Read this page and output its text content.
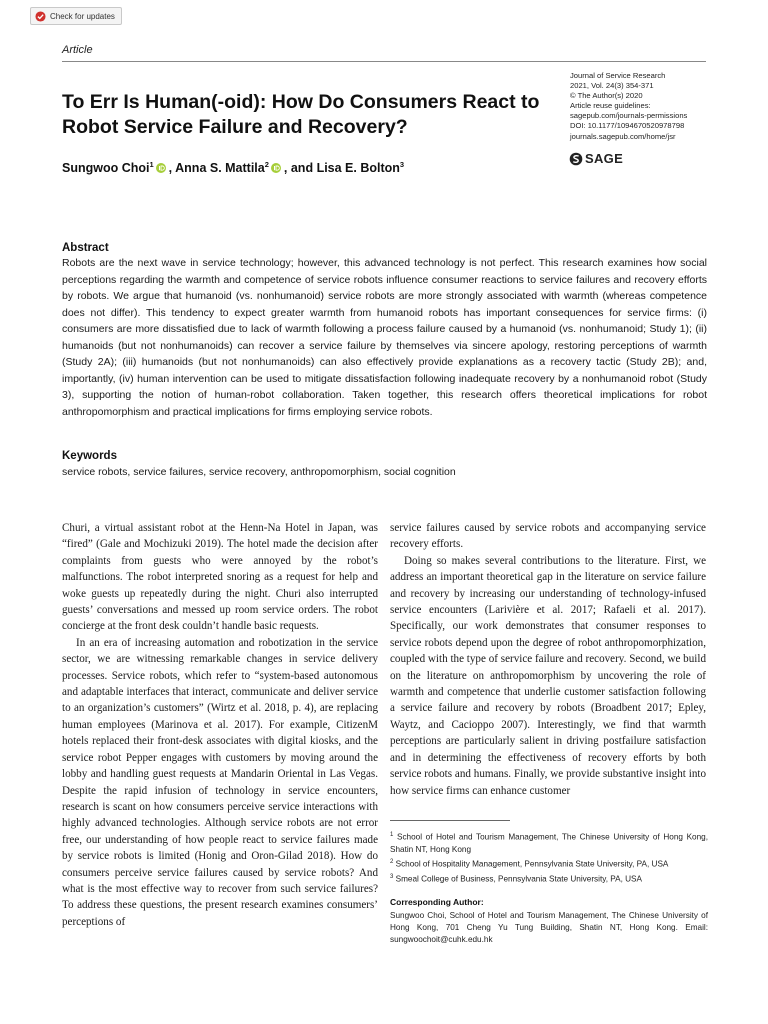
Check for updates
Article
To Err Is Human(-oid): How Do Consumers React to Robot Service Failure and Recovery?
Journal of Service Research
2021, Vol. 24(3) 354-371
© The Author(s) 2020
Article reuse guidelines:
sagepub.com/journals-permissions
DOI: 10.1177/1094670520978798
journals.sagepub.com/home/jsr
SAGE
Sungwoo Choi$^1$ , Anna S. Mattila$^2$ , and Lisa E. Bolton$^3$
Abstract
Robots are the next wave in service technology; however, this advanced technology is not perfect. This research examines how social perceptions regarding the warmth and competence of service robots influence consumer reactions to service failures and recovery efforts by robots. We argue that humanoid (vs. nonhumanoid) service robots are more strongly associated with warmth (whereas competence does not differ). This tendency to expect greater warmth from humanoid robots has important consequences for service firms: (i) consumers are more dissatisfied due to lack of warmth following a process failure caused by a humanoid (vs. nonhumanoid; Study 1); (ii) humanoids (but not nonhumanoids) can recover a service failure by themselves via sincere apology, restoring perceptions of warmth (Study 2A); (iii) humanoids (but not nonhumanoids) can also effectively provide explanations as a recovery tactic (Study 2B); and, importantly, (iv) human intervention can be used to mitigate dissatisfaction following inadequate recovery by a nonhumanoid robot (Study 3), supporting the notion of human-robot collaboration. Taken together, this research offers theoretical implications for robot anthropomorphism and practical implications for firms employing service robots.
Keywords
service robots, service failures, service recovery, anthropomorphism, social cognition

Churi, a virtual assistant robot at the Henn-Na Hotel in Japan, was “fired” (Gale and Mochizuki 2019). The hotel made the decision after complaints from guests who were annoyed by the robot’s malfunctions. The robot interpreted snoring as a request for help and woke guests up repeatedly during the night. Churi also interrupted guests’ conversations and messed up room service orders. The robot concierge at the front desk couldn’t handle basic requests.

In an era of increasing automation and robotization in the service sector, we are witnessing remarkable changes in service delivery processes. Service robots, which refer to “system-based autonomous and adaptable interfaces that interact, communicate and deliver service to an organization’s customers” (Wirtz et al. 2018, p. 4), are replacing human employees (Marinova et al. 2017). For example, CitizenM hotels replaced their front-desk associates with digital kiosks, and the service robot Pepper engages with customers by moving around the lobby and handling guest requests at Mandarin Oriental in Las Vegas. Despite the rapid infusion of technology in service encounters, research is scant on how consumers perceive service interactions with highly advanced technologies. Although service robots are not error free, our understanding of how people react to service failures made by service robots is limited (Honig and Oron-Gilad 2018). How do consumers perceive service failures caused by service robots? And what is the most effective way to recover from such service failures? To address these questions, the present research examines consumers’ perceptions of

service failures caused by service robots and accompanying service recovery efforts.

Doing so makes several contributions to the literature. First, we address an important theoretical gap in the literature on service failure and recovery by increasing our understanding of technology-infused service encounters (Larivière et al. 2017; Rafaeli et al. 2017). Specifically, our work demonstrates that consumer responses to service robots depend upon the degree of robot anthropomorphization, coupled with the type of service failure and recovery. Second, we build on the literature on anthropomorphism by uncovering the role of warmth and competence that underlie customer satisfaction following a service failure and recovery by robots (Broadbent 2017; Epley, Waytz, and Cacioppo 2007). Interestingly, we find that warmth perceptions are particularly salient in driving postfailure satisfaction and in determining the effectiveness of recovery efforts by both service robots and humans. Finally, we provide substantive insight into how service firms can enhance customer

$^1$ School of Hotel and Tourism Management, The Chinese University of Hong Kong, Shatin NT, Hong Kong
$^2$ School of Hospitality Management, Pennsylvania State University, PA, USA
$^3$ Smeal College of Business, Pennsylvania State University, PA, USA
Corresponding Author:
Sungwoo Choi, School of Hotel and Tourism Management, The Chinese University of Hong Kong, 701 Cheng Yu Tung Building, Shatin NT, Hong Kong. Email: sungwoochoit@cuhk.edu.hk
